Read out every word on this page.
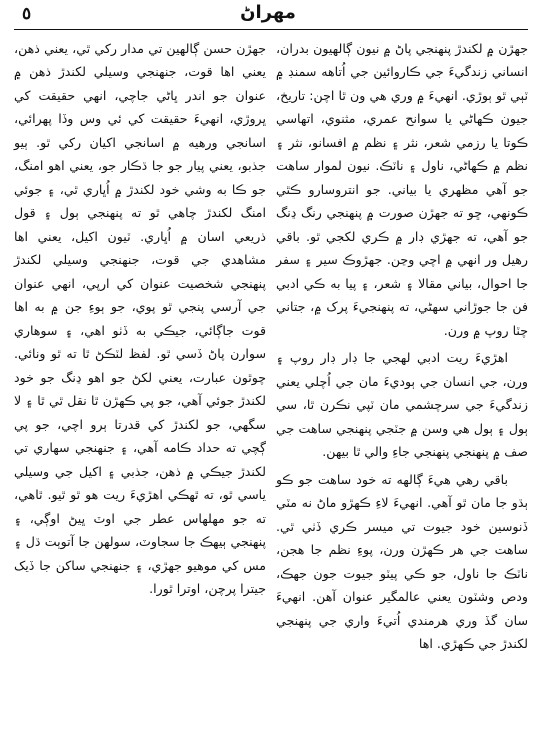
٥	مهراڻ

جهڙن ۾ لکندڙ پنهنجي پاڻ ۾ نيون ڳالهيون بدران، انساني زندگيءَ جي ڪاروائين جي اُتاهه سمنڊ ۾ ٽٻي ٿو ٻوڙي. انهيءَ ۾ وري هي ون ٿا اچن: تاريخ، جيون ڪهاڻي يا سوانح عمري، مثنوي، اتهاسي ڪوتا يا رزمي شعر، نثر ۽ نظم ۾ افسانو، نثر ۽ نظم ۾ ڪهاڻي، ناول ۽ ناٽڪ. نيون لموار ساهت جو آهي مظهري يا بياني. جو انتروسارو ڪٿي ڪونهي، ڇو ته جهڙن صورت ۾ پنهنجي رنگ ڍنگ جو آهي، ته جهڙي ڊار ۾ ڪري لکجي ٿو. باقي رهيل ور انهي ۾ اچي وڃن. جهڙوڪ سير ۽ سفر جا احوال، بياني مقالا ۽ شعر، ۽ پيا به ڪي ادبي فن جا جوڙاني سهڻي، ته پنهنجيءَ پرک ۾، جتاني چٽا روپ ۾ ورن.

اهڙيءَ ريت ادبي لهجي جا ڊار ڊار روپ ۽ ورن، جي انسان جي ٻوديءَ مان جي اُچلي يعني زندگيءَ جي سرچشمي مان ٽپي نڪرن ٿا، سي ٻول ۽ ٻول هي وسن ۾ جٽجي پنهنجي ساهت جي صف ۾ پنهنجي پنهنجي جاءِ والي ٿا بيهن.

باقي رهي هيءَ ڳالهه ته خود ساهت جو ڪو ٻڌو جا مان ٿو آهي. انهيءَ لاءِ ڪهڙو ماڻ نه مٽي ڏنوسين خود جيوت تي ميسر ڪري ڏٺي ٿي. ساهت جي هر ڪهڙن ورن، پوءِ نظم جا هجن، ناٽڪ جا ناول، جو ڪي پيٽو جيوت جون جهڪ، ودص وشٽون يعني عالمگير عنوان آهن. انهيءَ سان گڏ وري هرمندي اُتيءَ واري جي پنهنجي لکندڙ جي ڪهڙي. اها

جهڙن حسن ڳالهين تي مدار رکي ٿي، يعني ذهن، يعني اها قوت، جنهنجي وسيلي لکندڙ ذهن ۾ عنوان جو اندر ڀاڻي جاچي، انهي حقيقت کي ڀروڙي، انهيءَ حقيقت کي ئي وس وڏا پهرائي، اسانجي ورهيه ۾ اسانجي اکيان رکي ٿو. ٻيو جذبو، يعني پيار جو جا ڌڪار جو، يعني اهو امنگ، جو ڪا به وشي خود لکندڙ ۾ اُڀاري ٿي، ۽ جوئي امنگ لکندڙ چاهي ٿو ته پنهنجي ٻول ۽ قول ذريعي اسان ۾ اُڀاري. ٽيون اکيل، يعني اها مشاهدي جي قوت، جنهنجي وسيلي لکندڙ پنهنجي شخصيت عنوان کي ارپي، انهي عنوان جي آرسي پنجي ٿو پوي، جو ٻوءِ جن ۾ به اها قوت جاڳائي، جيڪي به ڏٺو اهي، ۽ سوهاري سوارن پاڻ ڏسي ٿو. لفظ لٽڪڻ ٿا ته ٿو ونائي. چوٿون عبارت، يعني لکڻ جو اهو ڍنگ جو خود لکندڙ جوئي آهي، جو پي ڪهڙن ٿا نقل ٿي ٿا ۽ لا سگهي، جو لکندڙ کي قدرتا ٻرو اچي، جو پي ڳچي ته حداد ڪامه آهي، ۽ جنهنجي سهاري تي لکندڙ جيڪي ۾ ذهن، جذبي ۽ اکيل جي وسيلي ياسي ٿو، ته ٿهڪي اهڙيءَ ريت هو ٿو ٿيو. ٿاهي، ته جو مهلهاس عطر جي اوٽ ڀيڻ اوڳي، ۽ پنهنجي ٻيهڪ جا سجاوٽ، سولهن جا آتوٻت ڌل ۽ مس کي موهيو جهڙي، ۽ جنهنجي ساکن جا ڏيک جيترا پرچن، اوترا ٿورا.
